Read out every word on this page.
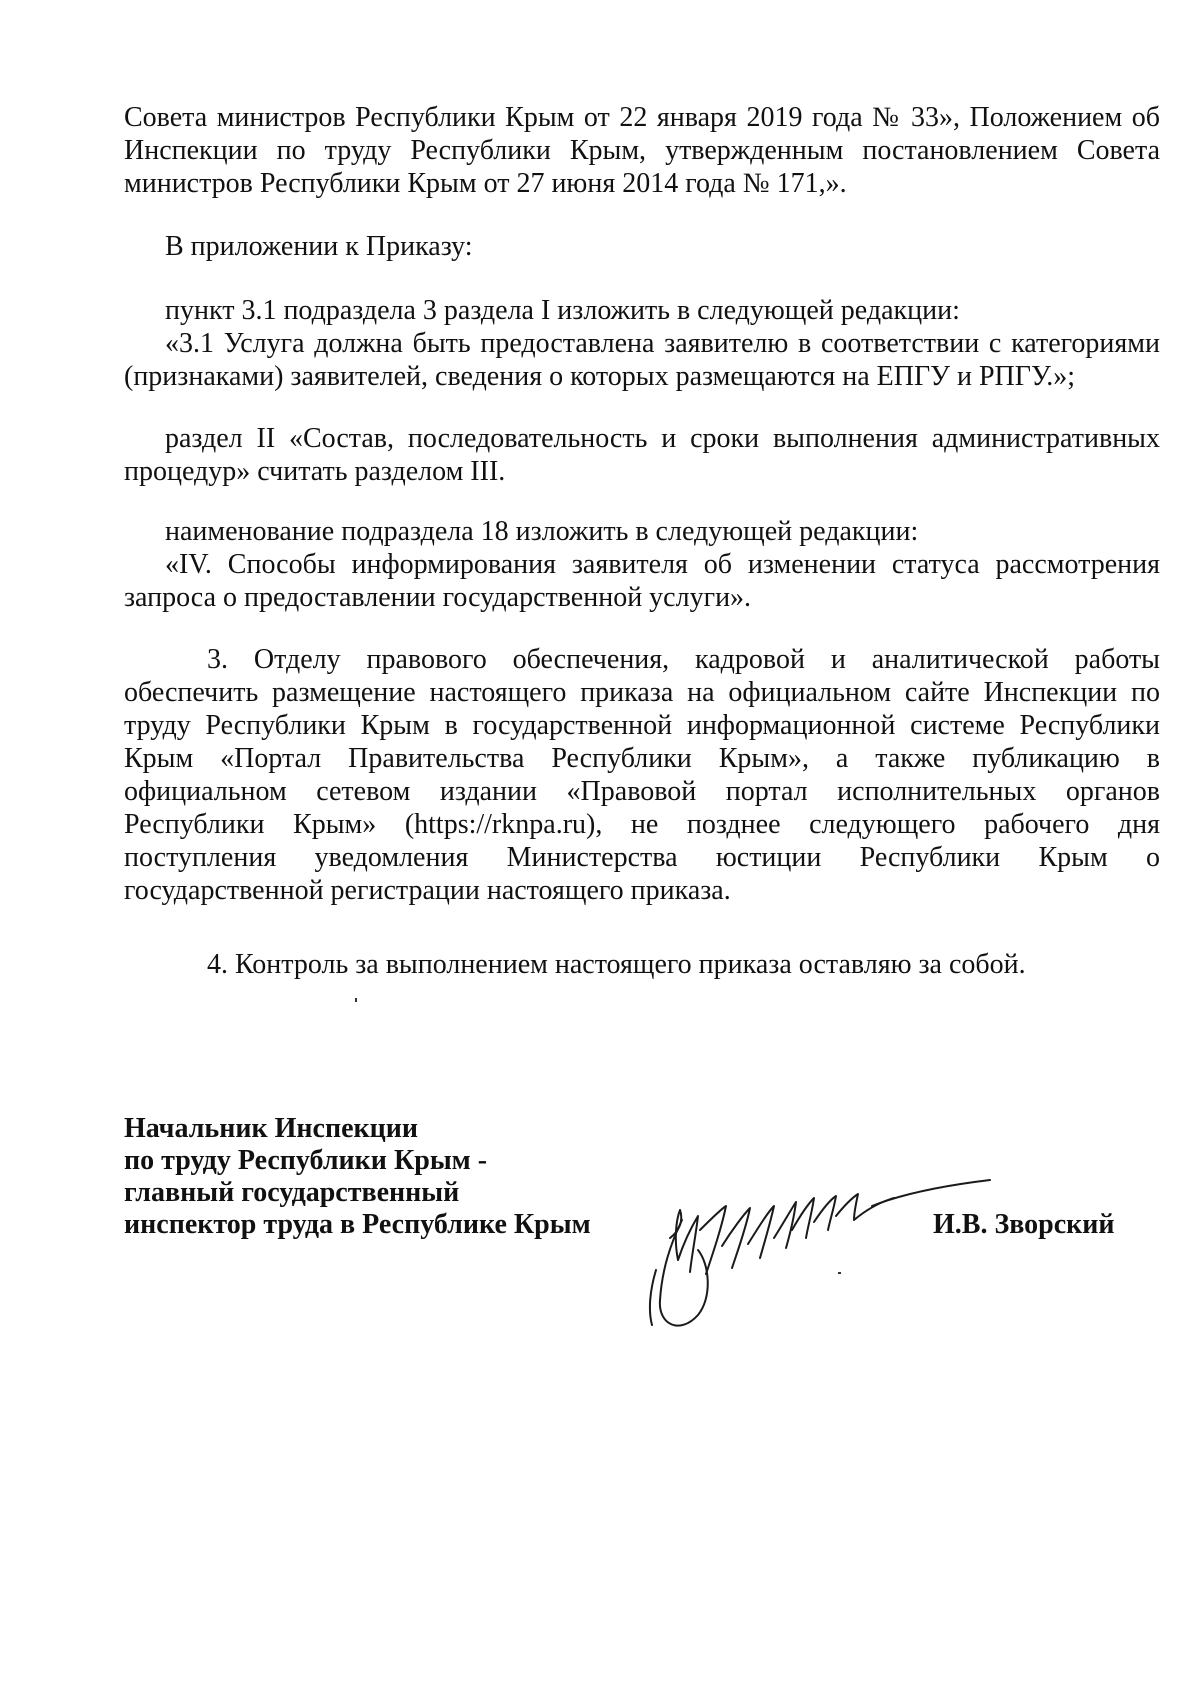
Совета министров Республики Крым от 22 января 2019 года № 33», Положением об Инспекции по труду Республики Крым, утвержденным постановлением Совета министров Республики Крым от 27 июня 2014 года № 171,».

В приложении к Приказу:

пункт 3.1 подраздела 3 раздела I изложить в следующей редакции:

«3.1 Услуга должна быть предоставлена заявителю в соответствии с категориями (признаками) заявителей, сведения о которых размещаются на ЕПГУ и РПГУ.»;

раздел II «Состав, последовательность и сроки выполнения административных процедур» считать разделом III.

наименование подраздела 18 изложить в следующей редакции:

«IV. Способы информирования заявителя об изменении статуса рассмотрения запроса о предоставлении государственной услуги».

3. Отделу правового обеспечения, кадровой и аналитической работы обеспечить размещение настоящего приказа на официальном сайте Инспекции по труду Республики Крым в государственной информационной системе Республики Крым «Портал Правительства Республики Крым», а также публикацию в официальном сетевом издании «Правовой портал исполнительных органов Республики Крым» (https://rknpa.ru), не позднее следующего рабочего дня поступления уведомления Министерства юстиции Республики Крым о государственной регистрации настоящего приказа.

4. Контроль за выполнением настоящего приказа оставляю за собой.

Начальник Инспекции
по труду Республики Крым -
главный государственный
инспектор труда в Республике Крым	И.В. Зворский
